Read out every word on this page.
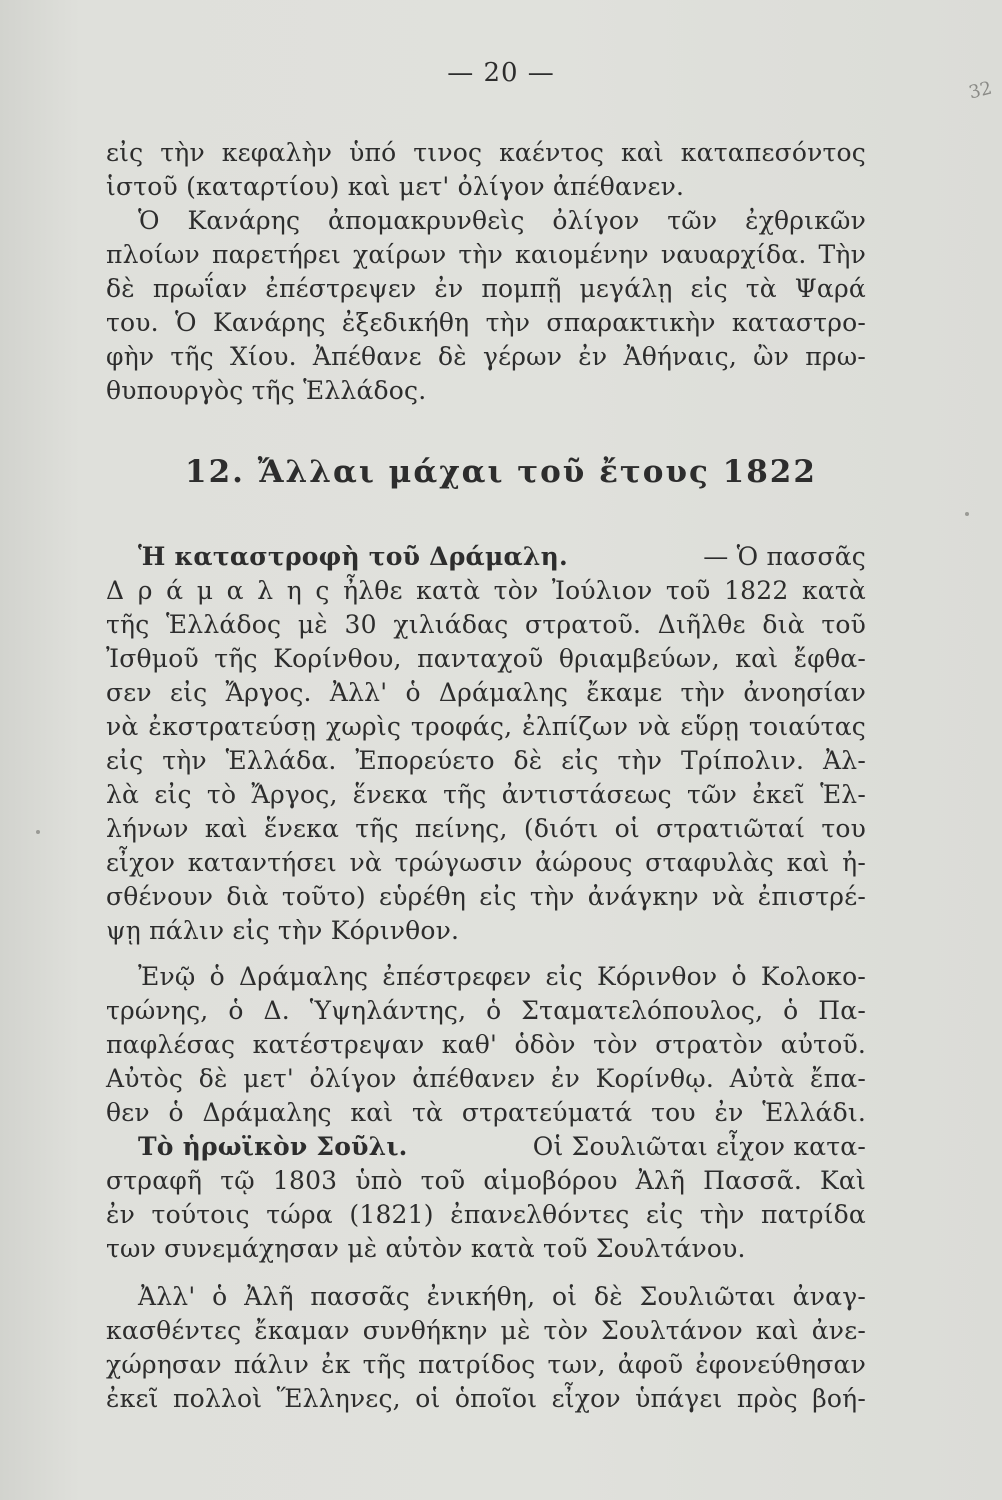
— 20 —
32
εἰς τὴν κεφαλὴν ὑπό τινος καέντος καὶ καταπεσόντος
ἱστοῦ (καταρτίου) καὶ μετ' ὀλίγον ἀπέθανεν.
Ὁ Κανάρης ἀπομακρυνθεὶς ὀλίγον τῶν ἐχθρικῶν
πλοίων παρετήρει χαίρων τὴν καιομένην ναυαρχίδα. Τὴν
δὲ πρωΐαν ἐπέστρεψεν ἐν πομπῇ μεγάλῃ εἰς τὰ Ψαρά
του. Ὁ Κανάρης ἐξεδικήθη τὴν σπαρακτικὴν καταστρο-
φὴν τῆς Χίου. Ἀπέθανε δὲ γέρων ἐν Ἀθήναις, ὢν πρω-
θυπουργὸς τῆς Ἑλλάδος.
12. Ἄλλαι μάχαι τοῦ ἔτους 1822
Ἡ καταστροφὴ τοῦ Δράμαλη.	— Ὁ πασσᾶς
Δ ρ ά μ α λ η ς ἦλθε κατὰ τὸν Ἰούλιον τοῦ 1822 κατὰ
τῆς Ἑλλάδος μὲ 30 χιλιάδας στρατοῦ. Διῆλθε διὰ τοῦ
Ἰσθμοῦ τῆς Κορίνθου, πανταχοῦ θριαμβεύων, καὶ ἔφθα-
σεν εἰς Ἄργος. Ἀλλ' ὁ Δράμαλης ἔκαμε τὴν ἀνοησίαν
νὰ ἐκστρατεύσῃ χωρὶς τροφάς, ἐλπίζων νὰ εὕρῃ τοιαύτας
εἰς τὴν Ἑλλάδα. Ἐπορεύετο δὲ εἰς τὴν Τρίπολιν. Ἀλ-
λὰ εἰς τὸ Ἄργος, ἕνεκα τῆς ἀντιστάσεως τῶν ἐκεῖ Ἑλ-
λήνων καὶ ἕνεκα τῆς πείνης, (διότι οἱ στρατιῶταί του
εἶχον καταντήσει νὰ τρώγωσιν ἀώρους σταφυλὰς καὶ ἠ-
σθένουν διὰ τοῦτο) εὑρέθη εἰς τὴν ἀνάγκην νὰ ἐπιστρέ-
ψῃ πάλιν εἰς τὴν Κόρινθον.
Ἐνῷ ὁ Δράμαλης ἐπέστρεφεν εἰς Κόρινθον ὁ Κολοκο-
τρώνης, ὁ Δ. Ὑψηλάντης, ὁ Σταματελόπουλος, ὁ Πα-
παφλέσας κατέστρεψαν καθ' ὁδὸν τὸν στρατὸν αὐτοῦ.
Αὐτὸς δὲ μετ' ὀλίγον ἀπέθανεν ἐν Κορίνθῳ. Αὐτὰ ἔπα-
θεν ὁ Δράμαλης καὶ τὰ στρατεύματά του ἐν Ἑλλάδι.
Τὸ ἡρωϊκὸν Σοῦλι.	Οἱ Σουλιῶται εἶχον κατα-
στραφῆ τῷ 1803 ὑπὸ τοῦ αἱμοβόρου Ἀλῆ Πασσᾶ. Καὶ
ἐν τούτοις τώρα (1821) ἐπανελθόντες εἰς τὴν πατρίδα
των συνεμάχησαν μὲ αὐτὸν κατὰ τοῦ Σουλτάνου.
Ἀλλ' ὁ Ἀλῆ πασσᾶς ἐνικήθη, οἱ δὲ Σουλιῶται ἀναγ-
κασθέντες ἔκαμαν συνθήκην μὲ τὸν Σουλτάνον καὶ ἀνε-
χώρησαν πάλιν ἐκ τῆς πατρίδος των, ἀφοῦ ἐφονεύθησαν
ἐκεῖ πολλοὶ Ἕλληνες, οἱ ὁποῖοι εἶχον ὑπάγει πρὸς βοή-
